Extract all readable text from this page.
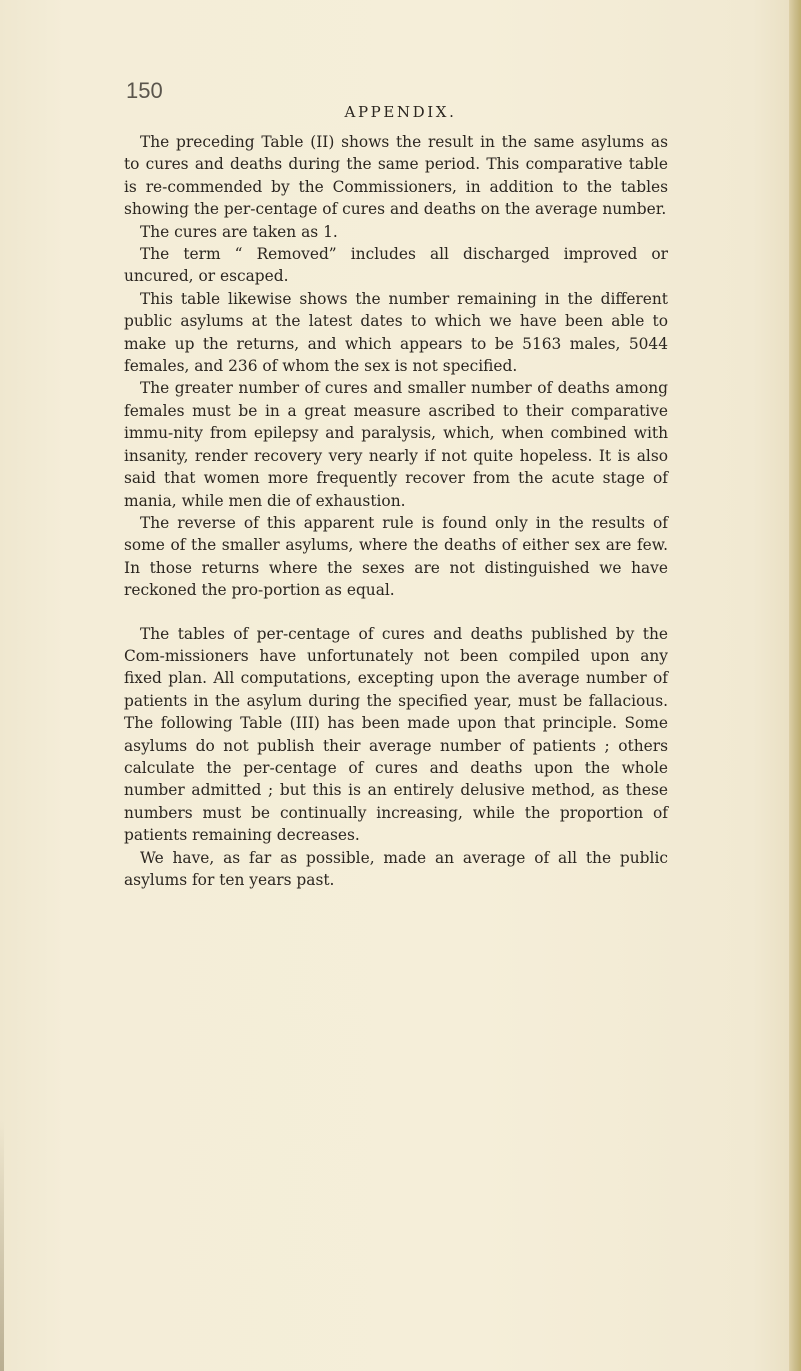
150

APPENDIX.

The preceding Table (II) shows the result in the same asylums as to cures and deaths during the same period. This comparative table is re-commended by the Commissioners, in addition to the tables showing the per-centage of cures and deaths on the average number.

The cures are taken as 1.

The term “ Removed” includes all discharged improved or uncured, or escaped.

This table likewise shows the number remaining in the different public asylums at the latest dates to which we have been able to make up the returns, and which appears to be 5163 males, 5044 females, and 236 of whom the sex is not specified.

The greater number of cures and smaller number of deaths among females must be in a great measure ascribed to their comparative immu-nity from epilepsy and paralysis, which, when combined with insanity, render recovery very nearly if not quite hopeless. It is also said that women more frequently recover from the acute stage of mania, while men die of exhaustion.

The reverse of this apparent rule is found only in the results of some of the smaller asylums, where the deaths of either sex are few. In those returns where the sexes are not distinguished we have reckoned the pro-portion as equal.

The tables of per-centage of cures and deaths published by the Com-missioners have unfortunately not been compiled upon any fixed plan. All computations, excepting upon the average number of patients in the asylum during the specified year, must be fallacious. The following Table (III) has been made upon that principle. Some asylums do not publish their average number of patients ; others calculate the per-centage of cures and deaths upon the whole number admitted ; but this is an entirely delusive method, as these numbers must be continually increasing, while the proportion of patients remaining decreases.

We have, as far as possible, made an average of all the public asylums for ten years past.
